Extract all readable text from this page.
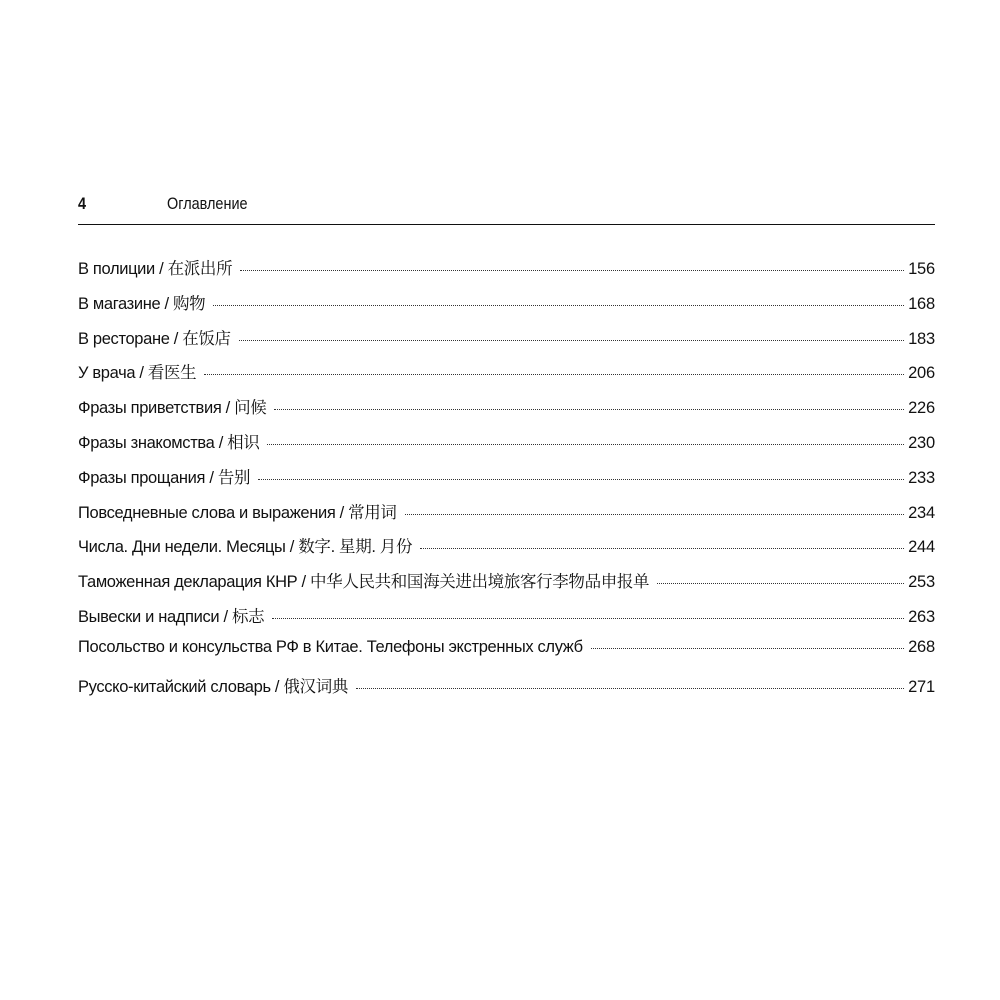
4	Оглавление
В полиции / 在派出所	156
В магазине / 购物	168
В ресторане / 在饭店	183
У врача / 看医生	206
Фразы приветствия / 问候	226
Фразы знакомства / 相识	230
Фразы прощания / 告别	233
Повседневные слова и выражения / 常用词	234
Числа. Дни недели. Месяцы / 数字. 星期. 月份	244
Таможенная декларация КНР / 中华人民共和国海关进出境旅客行李物品申报单	253
Вывески и надписи / 标志	263
Посольство и консульства РФ в Китае. Телефоны экстренных служб	268
Русско-китайский словарь / 俄汉词典	271
